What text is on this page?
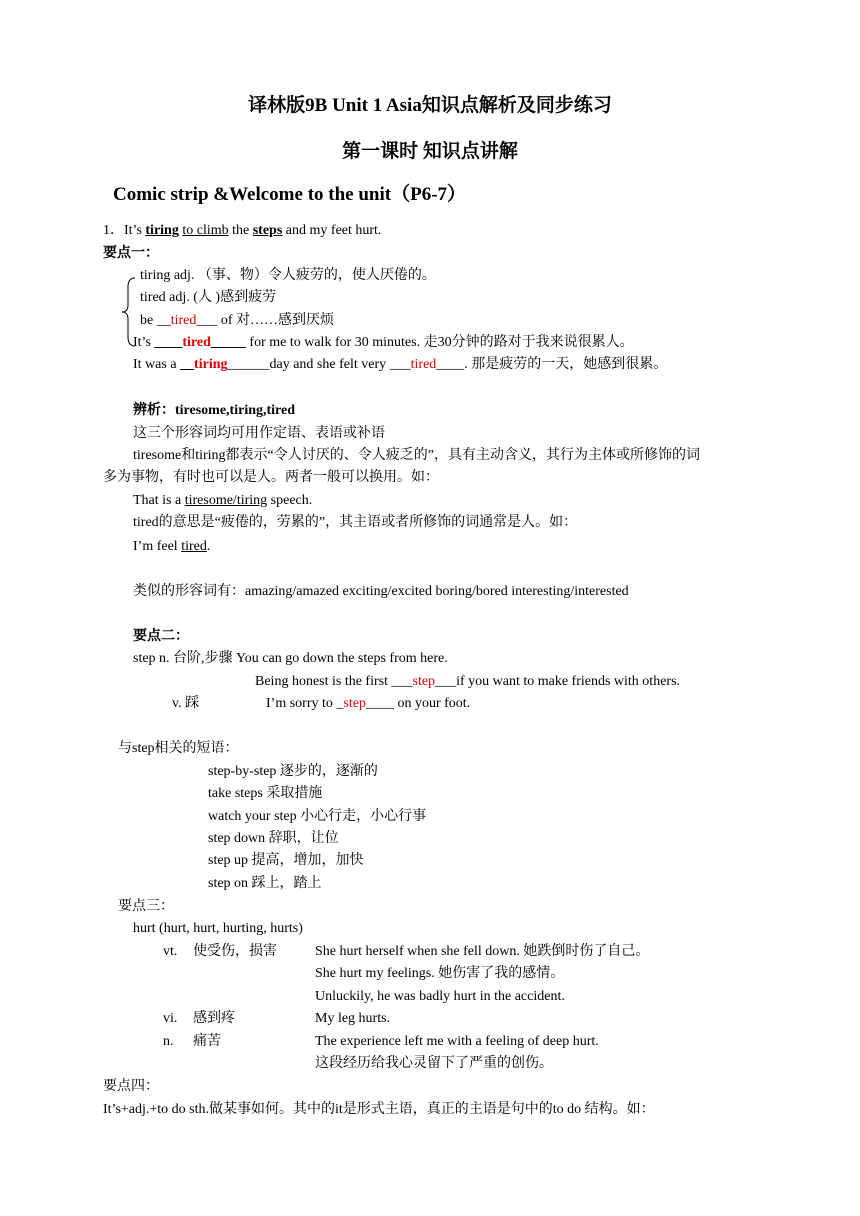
译林版9B Unit 1 Asia知识点解析及同步练习
第一课时 知识点讲解
Comic strip &Welcome to the unit（P6-7）
1．It’s tiring to climb the steps and my feet hurt.
要点一：
tiring adj. （事、物）令人疲劳的，使人厌倦的。
tired adj. (人 )感到疲劳
be __tired___ of 对……感到厌烦
It’s ____tired_____ for me to walk for 30 minutes. 走30分钟的路对于我来说很累人。
It was a __tiring______day and she felt very ___tired____. 那是疲劳的一天，她感到很累。
辨析：tiresome,tiring,tired
这三个形容词均可用作定语、表语或补语
tiresome和tiring都表示“令人讨厌的、令人疲乏的”，具有主动含义，其行为主体或所修饰的词
多为事物，有时也可以是人。两者一般可以换用。如：
That is a tiresome/tiring speech.
tired的意思是“疲倦的，劳累的”，其主语或者所修饰的词通常是人。如：
I’m feel tired.
类似的形容词有：amazing/amazed exciting/excited boring/bored interesting/interested
要点二：
step n. 台阶,步骤 You can go down the steps from here.
Being honest is the first ___step___if you want to make friends with others.
v. 踩	I’m sorry to _step____ on your foot.
与step相关的短语：
step-by-step 逐步的，逐渐的
take steps 采取措施
watch your step 小心行走，小心行事
step down 辞职，让位
step up 提高，增加，加快
step on 踩上，踏上
要点三：
hurt (hurt, hurt, hurting, hurts)
vt. 使受伤，损害	She hurt herself when she fell down. 她跌倒时伤了自己。
She hurt my feelings. 她伤害了我的感情。
Unluckily, he was badly hurt in the accident.
vi. 感到疼	My leg hurts.
n. 痛苦	The experience left me with a feeling of deep hurt.
这段经历给我心灵留下了严重的创伤。
要点四：
It’s+adj.+to do sth.做某事如何。其中的it是形式主语，真正的主语是句中的to do 结构。如：
